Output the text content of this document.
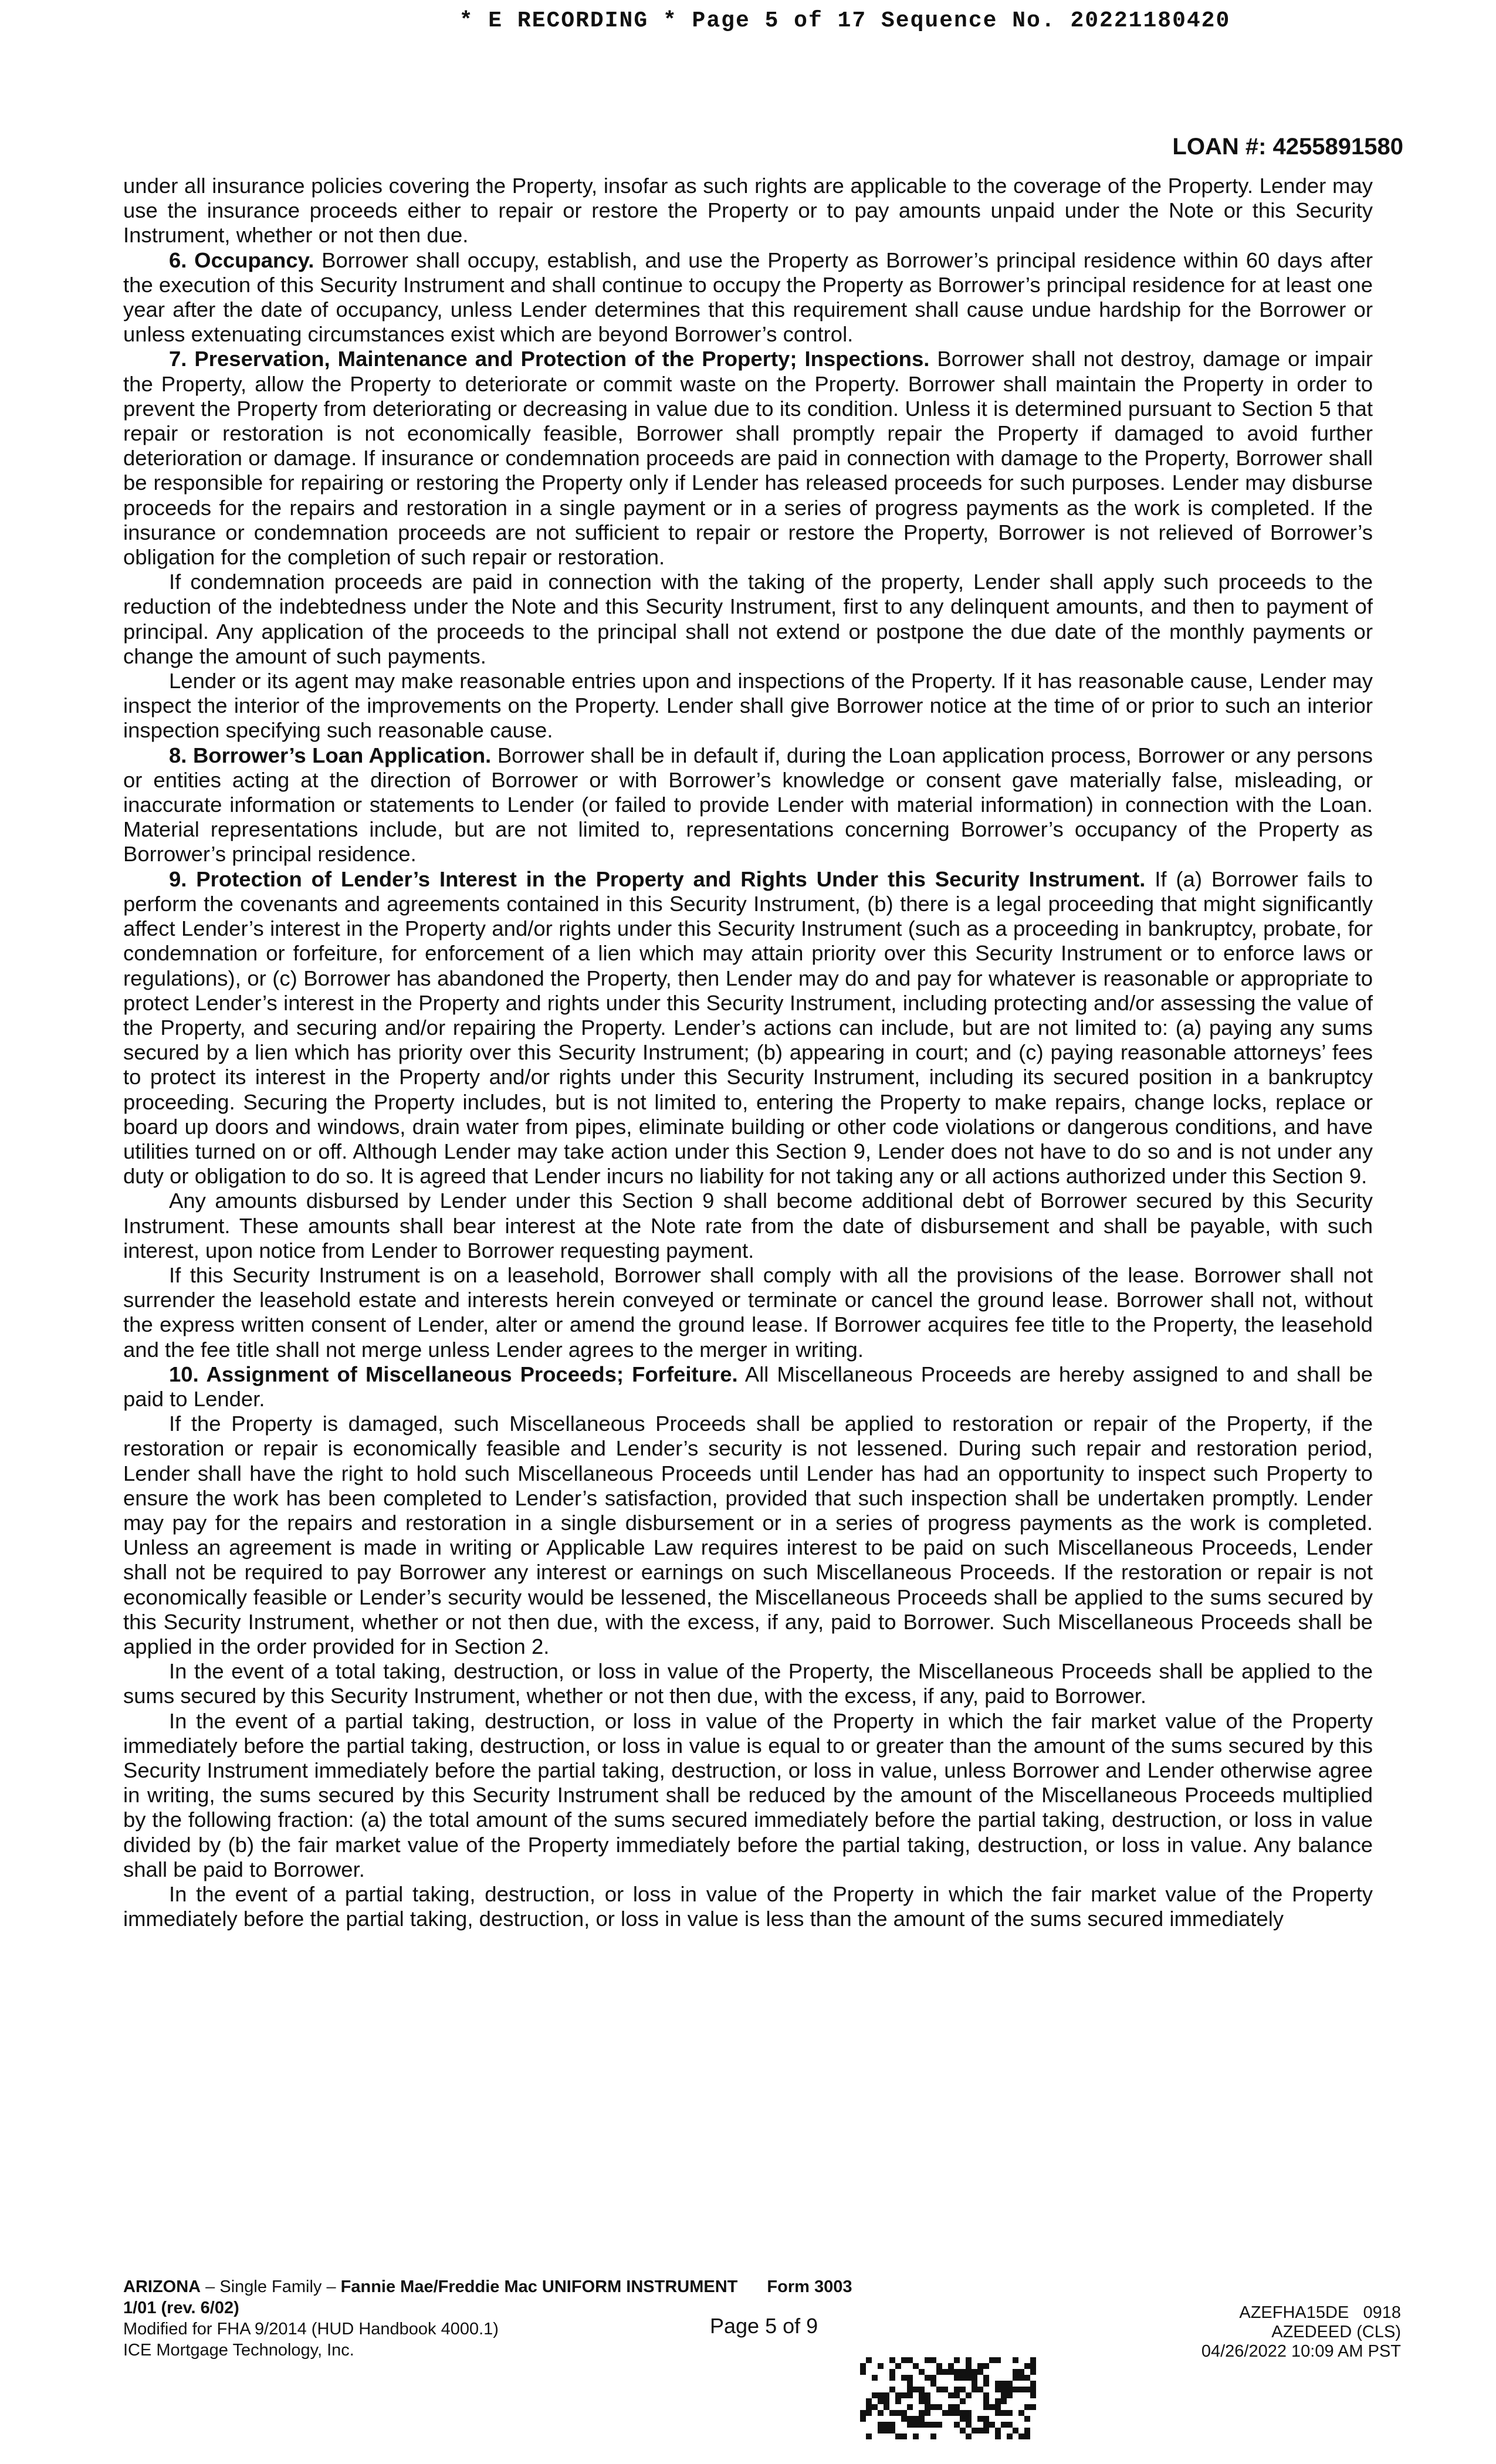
* E RECORDING * Page 5 of 17 Sequence No. 20221180420
LOAN #: 4255891580

under all insurance policies covering the Property, insofar as such rights are applicable to the coverage of the Property. Lender may use the insurance proceeds either to repair or restore the Property or to pay amounts unpaid under the Note or this Security Instrument, whether or not then due.

6. Occupancy. Borrower shall occupy, establish, and use the Property as Borrower’s principal residence within 60 days after the execution of this Security Instrument and shall continue to occupy the Property as Borrower’s principal residence for at least one year after the date of occupancy, unless Lender determines that this requirement shall cause undue hardship for the Borrower or unless extenuating circumstances exist which are beyond Borrower’s control.

7. Preservation, Maintenance and Protection of the Property; Inspections. Borrower shall not destroy, damage or impair the Property, allow the Property to deteriorate or commit waste on the Property. Borrower shall maintain the Property in order to prevent the Property from deteriorating or decreasing in value due to its condition. Unless it is determined pursuant to Section 5 that repair or restoration is not economically feasible, Borrower shall promptly repair the Property if damaged to avoid further deterioration or damage. If insurance or condemnation proceeds are paid in connection with damage to the Property, Borrower shall be responsible for repairing or restoring the Property only if Lender has released proceeds for such purposes. Lender may disburse proceeds for the repairs and restoration in a single payment or in a series of progress payments as the work is completed. If the insurance or condemnation proceeds are not sufficient to repair or restore the Property, Borrower is not relieved of Borrower’s obligation for the completion of such repair or restoration.

If condemnation proceeds are paid in connection with the taking of the property, Lender shall apply such proceeds to the reduction of the indebtedness under the Note and this Security Instrument, first to any delinquent amounts, and then to payment of principal. Any application of the proceeds to the principal shall not extend or postpone the due date of the monthly payments or change the amount of such payments.

Lender or its agent may make reasonable entries upon and inspections of the Property. If it has reasonable cause, Lender may inspect the interior of the improvements on the Property. Lender shall give Borrower notice at the time of or prior to such an interior inspection specifying such reasonable cause.

8. Borrower’s Loan Application. Borrower shall be in default if, during the Loan application process, Borrower or any persons or entities acting at the direction of Borrower or with Borrower’s knowledge or consent gave materially false, misleading, or inaccurate information or statements to Lender (or failed to provide Lender with material information) in connection with the Loan. Material representations include, but are not limited to, representations concerning Borrower’s occupancy of the Property as Borrower’s principal residence.

9. Protection of Lender’s Interest in the Property and Rights Under this Security Instrument. If (a) Borrower fails to perform the covenants and agreements contained in this Security Instrument, (b) there is a legal proceeding that might significantly affect Lender’s interest in the Property and/or rights under this Security Instrument (such as a proceeding in bankruptcy, probate, for condemnation or forfeiture, for enforcement of a lien which may attain priority over this Security Instrument or to enforce laws or regulations), or (c) Borrower has abandoned the Property, then Lender may do and pay for whatever is reasonable or appropriate to protect Lender’s interest in the Property and rights under this Security Instrument, including protecting and/or assessing the value of the Property, and securing and/or repairing the Property. Lender’s actions can include, but are not limited to: (a) paying any sums secured by a lien which has priority over this Security Instrument; (b) appearing in court; and (c) paying reasonable attorneys’ fees to protect its interest in the Property and/or rights under this Security Instrument, including its secured position in a bankruptcy proceeding. Securing the Property includes, but is not limited to, entering the Property to make repairs, change locks, replace or board up doors and windows, drain water from pipes, eliminate building or other code violations or dangerous conditions, and have utilities turned on or off. Although Lender may take action under this Section 9, Lender does not have to do so and is not under any duty or obligation to do so. It is agreed that Lender incurs no liability for not taking any or all actions authorized under this Section 9.

Any amounts disbursed by Lender under this Section 9 shall become additional debt of Borrower secured by this Security Instrument. These amounts shall bear interest at the Note rate from the date of disbursement and shall be payable, with such interest, upon notice from Lender to Borrower requesting payment.

If this Security Instrument is on a leasehold, Borrower shall comply with all the provisions of the lease. Borrower shall not surrender the leasehold estate and interests herein conveyed or terminate or cancel the ground lease. Borrower shall not, without the express written consent of Lender, alter or amend the ground lease. If Borrower acquires fee title to the Property, the leasehold and the fee title shall not merge unless Lender agrees to the merger in writing.

10. Assignment of Miscellaneous Proceeds; Forfeiture. All Miscellaneous Proceeds are hereby assigned to and shall be paid to Lender.

If the Property is damaged, such Miscellaneous Proceeds shall be applied to restoration or repair of the Property, if the restoration or repair is economically feasible and Lender’s security is not lessened. During such repair and restoration period, Lender shall have the right to hold such Miscellaneous Proceeds until Lender has had an opportunity to inspect such Property to ensure the work has been completed to Lender’s satisfaction, provided that such inspection shall be undertaken promptly. Lender may pay for the repairs and restoration in a single disbursement or in a series of progress payments as the work is completed. Unless an agreement is made in writing or Applicable Law requires interest to be paid on such Miscellaneous Proceeds, Lender shall not be required to pay Borrower any interest or earnings on such Miscellaneous Proceeds. If the restoration or repair is not economically feasible or Lender’s security would be lessened, the Miscellaneous Proceeds shall be applied to the sums secured by this Security Instrument, whether or not then due, with the excess, if any, paid to Borrower. Such Miscellaneous Proceeds shall be applied in the order provided for in Section 2.

In the event of a total taking, destruction, or loss in value of the Property, the Miscellaneous Proceeds shall be applied to the sums secured by this Security Instrument, whether or not then due, with the excess, if any, paid to Borrower.

In the event of a partial taking, destruction, or loss in value of the Property in which the fair market value of the Property immediately before the partial taking, destruction, or loss in value is equal to or greater than the amount of the sums secured by this Security Instrument immediately before the partial taking, destruction, or loss in value, unless Borrower and Lender otherwise agree in writing, the sums secured by this Security Instrument shall be reduced by the amount of the Miscellaneous Proceeds multiplied by the following fraction: (a) the total amount of the sums secured immediately before the partial taking, destruction, or loss in value divided by (b) the fair market value of the Property immediately before the partial taking, destruction, or loss in value. Any balance shall be paid to Borrower.

In the event of a partial taking, destruction, or loss in value of the Property in which the fair market value of the Property immediately before the partial taking, destruction, or loss in value is less than the amount of the sums secured immediately

ARIZONA – Single Family – Fannie Mae/Freddie Mac UNIFORM INSTRUMENT Form 3003 1/01 (rev. 6/02)
Modified for FHA 9/2014 (HUD Handbook 4000.1)
ICE Mortgage Technology, Inc.
Page 5 of 9
AZEFHA15DE   0918
AZEDEED (CLS)
04/26/2022 10:09 AM PST
